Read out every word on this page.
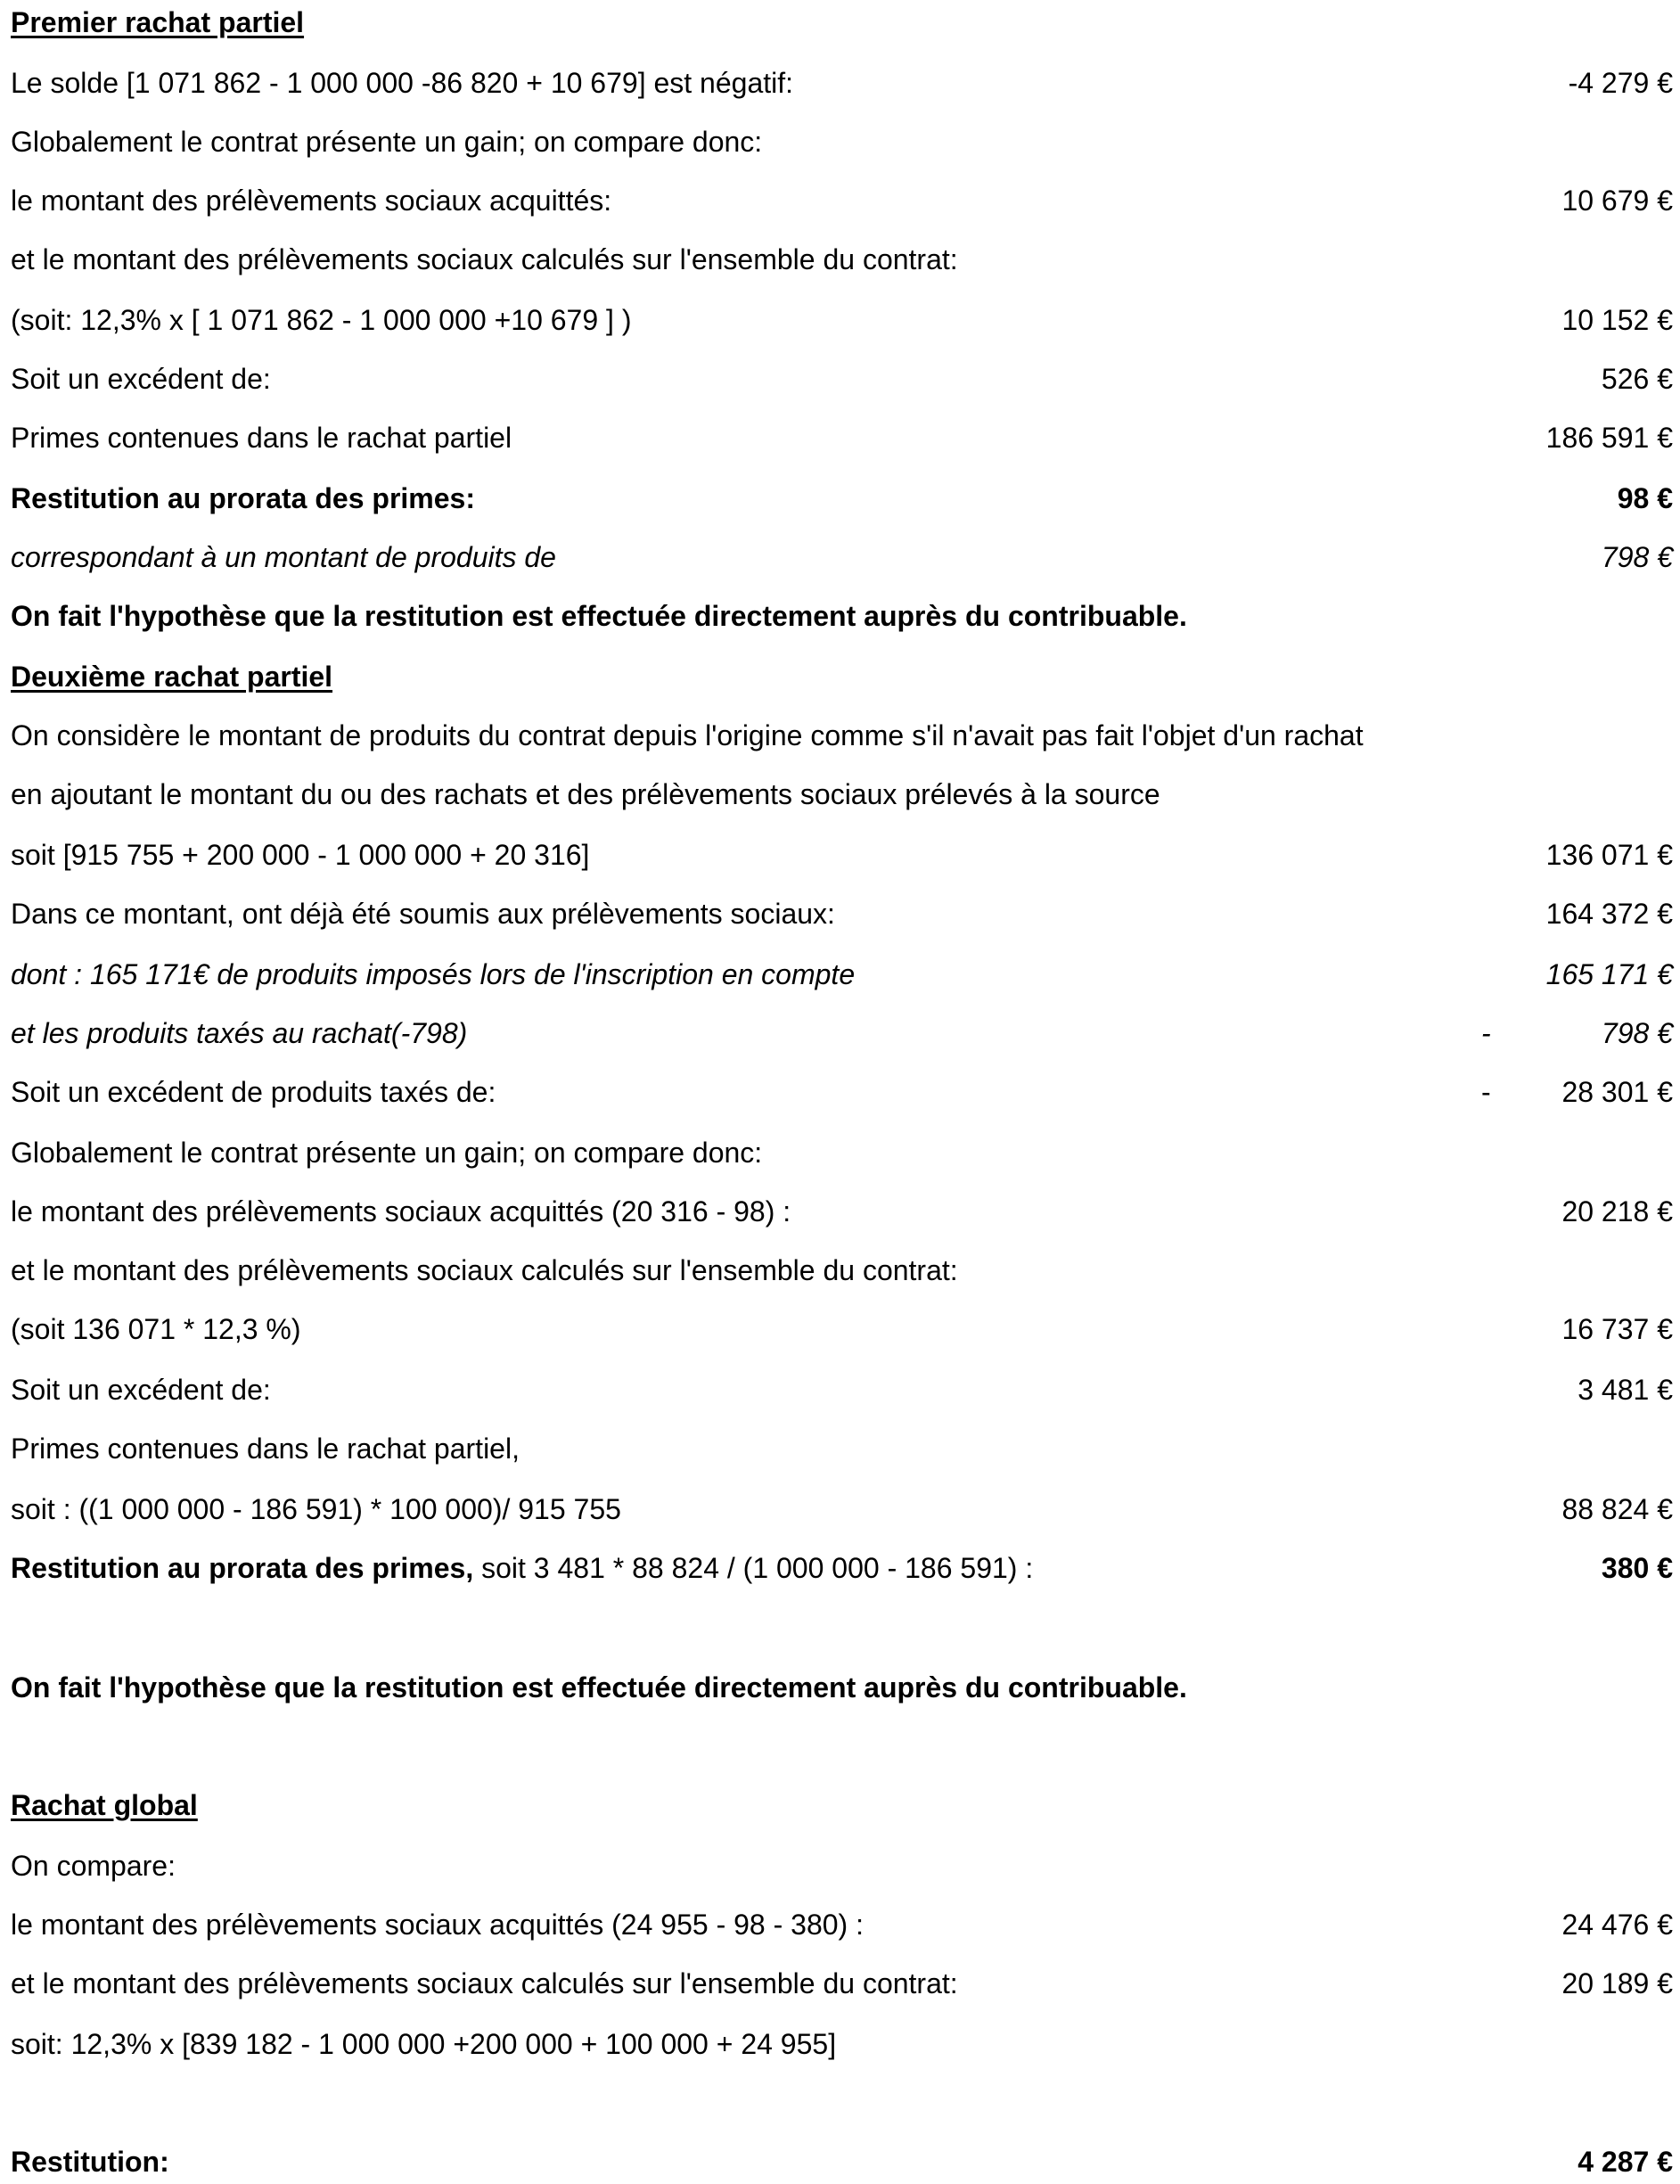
Premier rachat partiel
Le solde [1 071 862 - 1 000 000 -86 820 + 10 679] est négatif:	-4 279 €
Globalement le contrat présente un gain; on compare donc:
le montant des prélèvements sociaux acquittés:	10 679 €
et le montant des prélèvements sociaux calculés sur l'ensemble du contrat:
(soit: 12,3% x [ 1 071 862 - 1 000 000 +10 679 ] )	10 152 €
Soit un excédent de:	526 €
Primes contenues dans le rachat partiel	186 591 €
Restitution au prorata des primes:	98 €
correspondant à un montant de produits de	798 €
On fait l'hypothèse que la restitution est effectuée directement auprès du contribuable.
Deuxième rachat partiel
On considère le montant de produits du contrat depuis l'origine comme s'il n'avait pas fait l'objet d'un rachat
en ajoutant le montant du ou des rachats et des prélèvements sociaux prélevés à la source
soit [915 755 + 200 000 - 1 000 000 + 20 316]	136 071 €
Dans ce montant, ont déjà été soumis aux prélèvements sociaux:	164 372 €
dont : 165 171€ de produits imposés lors de l'inscription en compte	165 171 €
et les produits taxés au rachat(-798)	-	798 €
Soit un excédent de produits taxés de:	- 28 301 €
Globalement le contrat présente un gain; on compare donc:
le montant des prélèvements sociaux acquittés (20 316 - 98) :	20 218 €
et le montant des prélèvements sociaux calculés sur l'ensemble du contrat:
(soit 136 071 * 12,3 %)	16 737 €
Soit un excédent de:	3 481 €
Primes contenues dans le rachat partiel,
soit : ((1 000 000 - 186 591) * 100 000)/ 915 755	88 824 €
Restitution au prorata des primes, soit 3 481 * 88 824 / (1 000 000 - 186 591) :	380 €
On fait l'hypothèse que la restitution est effectuée directement auprès du contribuable.
Rachat global
On compare:
le montant des prélèvements sociaux acquittés (24 955 - 98 - 380) :	24 476 €
et le montant des prélèvements sociaux calculés sur l'ensemble du contrat:	20 189 €
soit: 12,3% x [839 182 - 1 000 000 +200 000 + 100 000 + 24 955]
Restitution:	4 287 €
